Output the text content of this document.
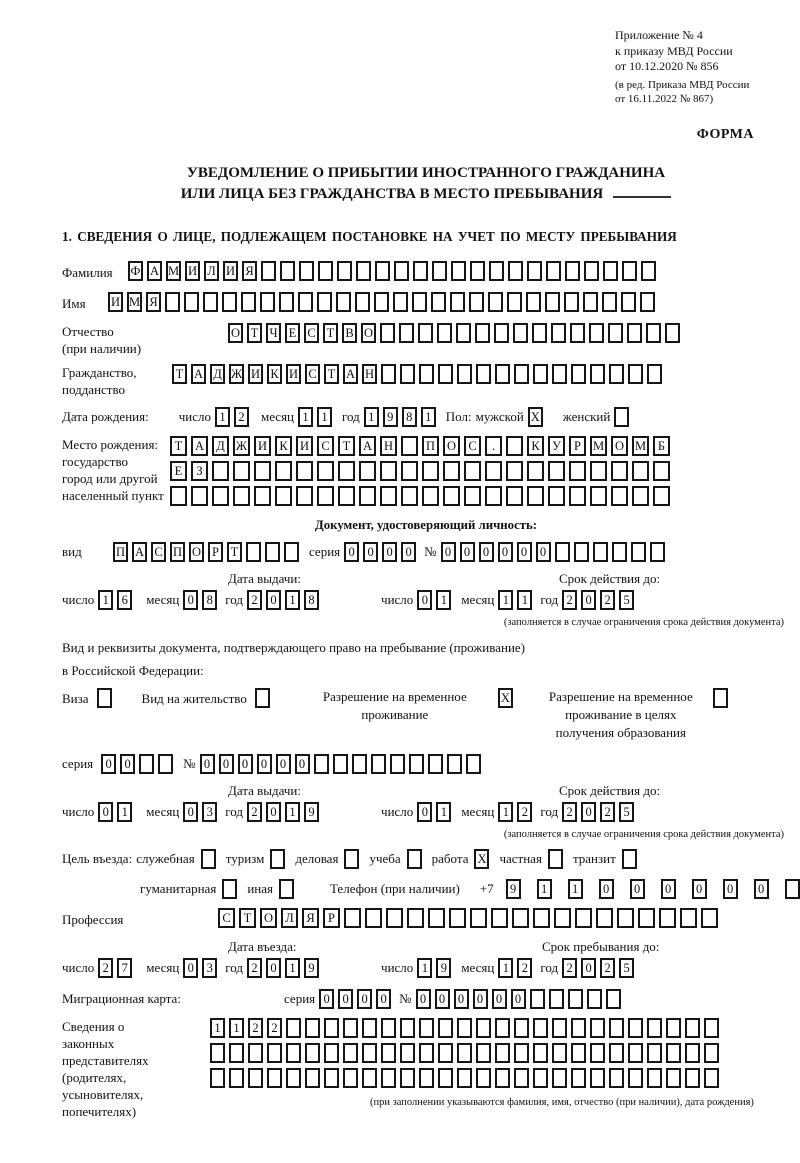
Приложение № 4
к приказу МВД России
от 10.12.2020 № 856
(в ред. Приказа МВД России
от 16.11.2022 № 867)
ФОРМА
УВЕДОМЛЕНИЕ О ПРИБЫТИИ ИНОСТРАННОГО ГРАЖДАНИНА
ИЛИ ЛИЦА БЕЗ ГРАЖДАНСТВА В МЕСТО ПРЕБЫВАНИЯ
1. СВЕДЕНИЯ О ЛИЦЕ, ПОДЛЕЖАЩЕМ ПОСТАНОВКЕ НА УЧЕТ ПО МЕСТУ ПРЕБЫВАНИЯ
Фамилия	Ф А М И Л И Я
Имя	И М Я
Отчество
(при наличии)
О Т Ч Е С Т В О
Гражданство,
подданство
Т А Д Ж И К И С Т А Н
Дата рождения: число 1	2	месяц 1	1	год 1	9	8	1	Пол: мужской X женский
Место рождения:
государство
город или другой
населенный пункт
Т	А Д Ж И К И С	Т	А Н	П О С	.	К У	Р М О М Б
Е	З
Документ, удостоверяющий личность:
вид	П А С П О Р Т	серия 0	0	0	0 № 0	0	0	0	0	0
Дата выдачи:	Срок действия до:
число 1	6	месяц 0	8 год 2	0	1	8	число 0	1	месяц 1	1 год 2	0	2	5
(заполняется в случае ограничения срока действия документа)
Вид и реквизиты документа, подтверждающего право на пребывание (проживание)
в Российской Федерации:
Виза	Вид на жительство	Разрешение на временное проживание
X	Разрешение на временное проживание в целях получения образования
серия 0	0	№ 0	0	0	0	0	0
Дата выдачи:	Срок действия до:
число 0	1	месяц 0	3 год 2	0	1	9	число 0	1	месяц 1	2 год 2	0	2	5
(заполняется в случае ограничения срока действия документа)
Цель въезда: служебная туризм деловая учеба работа X частная транзит
гуманитарная иная	Телефон (при наличии) +7	9	1	1	0	0	0	0	0	0
Профессия	С	Т	О Л	Я	Р
Дата въезда:	Срок пребывания до:
число 2	7	месяц 0	3 год 2	0	1	9	число 1	9	месяц 1	2 год 2	0	2	5
Миграционная карта:	серия 0	0	0	0 № 0	0	0	0	0	0
Сведения о
законных
представителях
(родителях,
усыновителях,
попечителях)
1	1	2	2
(при заполнении указываются фамилия, имя, отчество (при наличии), дата рождения)
